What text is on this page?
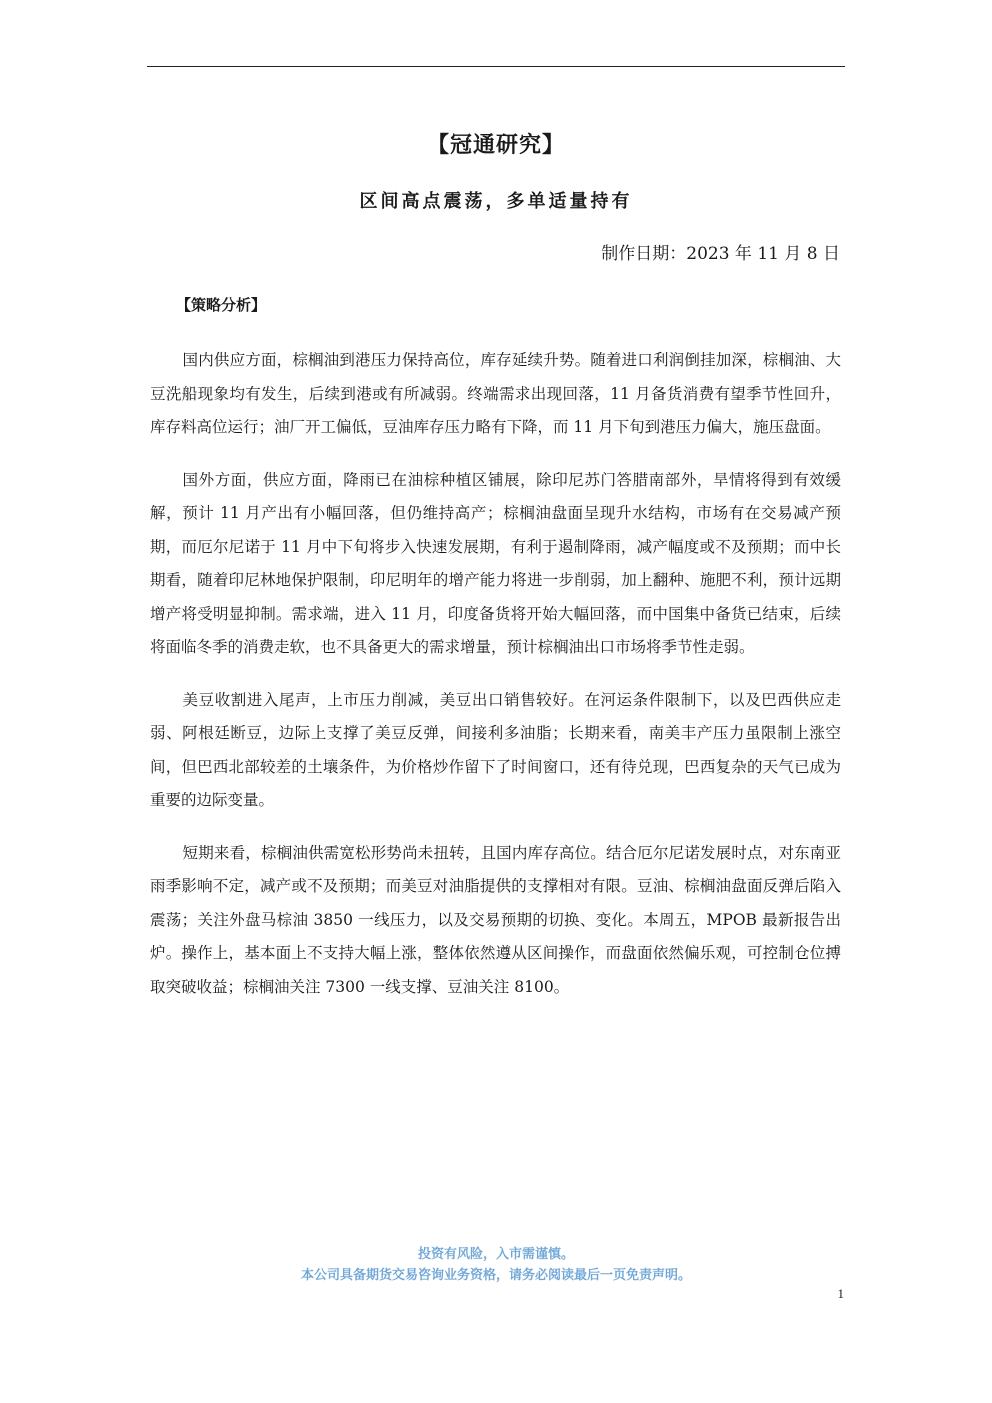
【冠通研究】
区间高点震荡，多单适量持有
制作日期：2023 年 11 月 8 日
【策略分析】

国内供应方面，棕榈油到港压力保持高位，库存延续升势。随着进口利润倒挂加深，棕榈油、大豆洗船现象均有发生，后续到港或有所减弱。终端需求出现回落，11 月备货消费有望季节性回升，库存料高位运行；油厂开工偏低，豆油库存压力略有下降，而 11 月下旬到港压力偏大，施压盘面。

国外方面，供应方面，降雨已在油棕种植区铺展，除印尼苏门答腊南部外，旱情将得到有效缓解，预计 11 月产出有小幅回落，但仍维持高产；棕榈油盘面呈现升水结构，市场有在交易减产预期，而厄尔尼诺于 11 月中下旬将步入快速发展期，有利于遏制降雨，减产幅度或不及预期；而中长期看，随着印尼林地保护限制，印尼明年的增产能力将进一步削弱，加上翻种、施肥不利，预计远期增产将受明显抑制。需求端，进入 11 月，印度备货将开始大幅回落，而中国集中备货已结束，后续将面临冬季的消费走软，也不具备更大的需求增量，预计棕榈油出口市场将季节性走弱。

美豆收割进入尾声，上市压力削减，美豆出口销售较好。在河运条件限制下，以及巴西供应走弱、阿根廷断豆，边际上支撑了美豆反弹，间接利多油脂；长期来看，南美丰产压力虽限制上涨空间，但巴西北部较差的土壤条件，为价格炒作留下了时间窗口，还有待兑现，巴西复杂的天气已成为重要的边际变量。

短期来看，棕榈油供需宽松形势尚未扭转，且国内库存高位。结合厄尔尼诺发展时点，对东南亚雨季影响不定，减产或不及预期；而美豆对油脂提供的支撑相对有限。豆油、棕榈油盘面反弹后陷入震荡；关注外盘马棕油 3850 一线压力，以及交易预期的切换、变化。本周五，MPOB 最新报告出炉。操作上，基本面上不支持大幅上涨，整体依然遵从区间操作，而盘面依然偏乐观，可控制仓位搏取突破收益；棕榈油关注 7300 一线支撑、豆油关注 8100。

投资有风险，入市需谨慎。
本公司具备期货交易咨询业务资格，请务必阅读最后一页免责声明。
1
